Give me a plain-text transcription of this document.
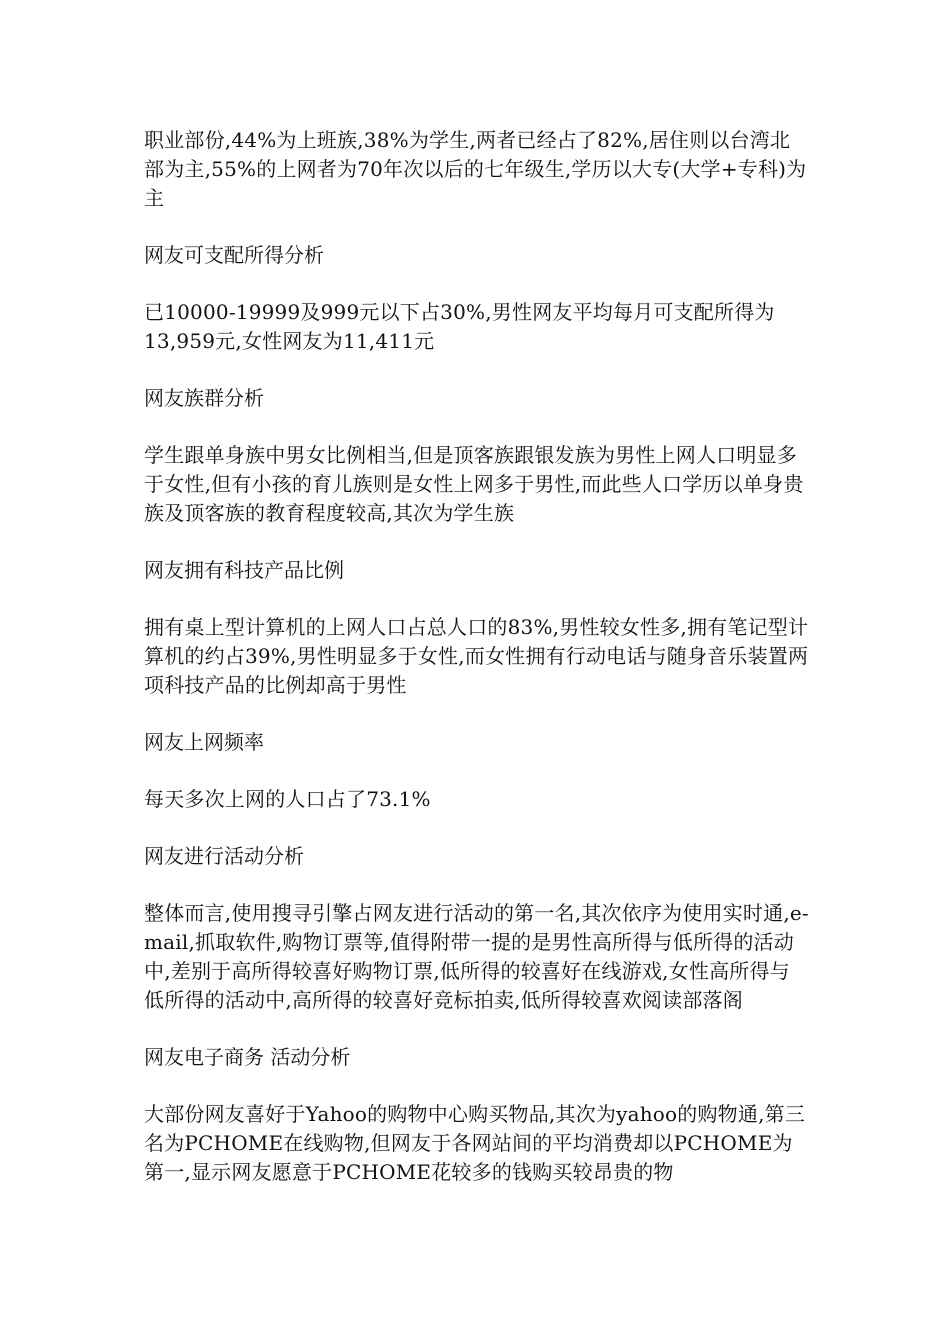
职业部份,44%为上班族,38%为学生,两者已经占了82%,居住则以台湾北部为主,55%的上网者为70年次以后的七年级生,学历以大专(大学+专科)为主

网友可支配所得分析

已10000-19999及999元以下占30%,男性网友平均每月可支配所得为13,959元,女性网友为11,411元

网友族群分析

学生跟单身族中男女比例相当,但是顶客族跟银发族为男性上网人口明显多于女性,但有小孩的育儿族则是女性上网多于男性,而此些人口学历以单身贵族及顶客族的教育程度较高,其次为学生族

网友拥有科技产品比例

拥有桌上型计算机的上网人口占总人口的83%,男性较女性多,拥有笔记型计算机的约占39%,男性明显多于女性,而女性拥有行动电话与随身音乐装置两项科技产品的比例却高于男性

网友上网频率

每天多次上网的人口占了73.1%

网友进行活动分析

整体而言,使用搜寻引擎占网友进行活动的第一名,其次依序为使用实时通,e-mail,抓取软件,购物订票等,值得附带一提的是男性高所得与低所得的活动中,差别于高所得较喜好购物订票,低所得的较喜好在线游戏,女性高所得与低所得的活动中,高所得的较喜好竞标拍卖,低所得较喜欢阅读部落阁

网友电子商务 活动分析

大部份网友喜好于Yahoo的购物中心购买物品,其次为yahoo的购物通,第三名为PCHOME在线购物,但网友于各网站间的平均消费却以PCHOME为第一,显示网友愿意于PCHOME花较多的钱购买较昂贵的物
